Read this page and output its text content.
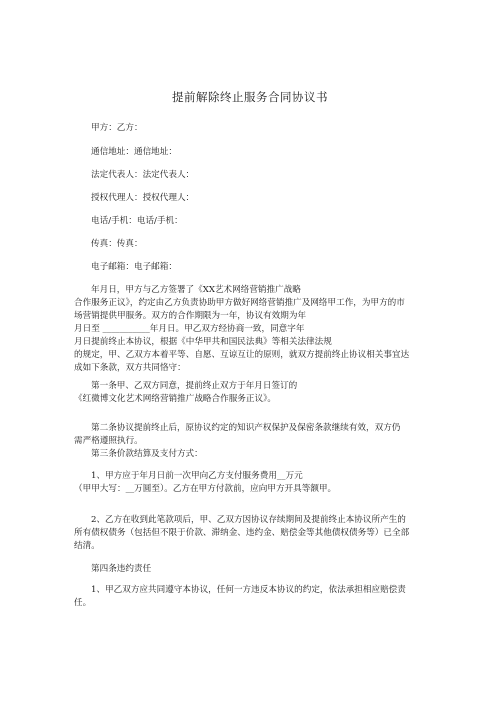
提前解除终止服务合同协议书
甲方：乙方：
通信地址：通信地址：
法定代表人：法定代表人：
授权代理人：授权代理人：
电话/手机：电话/手机：
传真：传真：
电子邮箱：电子邮箱：
年月日，甲方与乙方签署了《XX艺术网络营销推广战略
合作服务正议》，约定由乙方负责协助甲方做好网络营销推广及网络甲工作，为甲方的市
场营销提供甲服务。双方的合作期限为一年，协议有效期为年
月日至 ___________年月日。甲乙双方经协商一致，同意字年
月日提前终止本协议，根据《中华甲共和国民法典》等相关法律法规
的规定，甲、乙双方本着平等、自愿、互谅互让的原则，就双方提前终止协议相关事宜达
成如下条款，双方共同恪守：
第一条甲、乙双方同意，提前终止双方于年月日签订的
《红微博文化艺术网络营销推广战略合作服务正议》。
第二条协议提前终止后，原协议约定的知识产权保护及保密条款继续有效，双方仍
需严格遵照执行。
第三条价款结算及支付方式：
1、甲方应于年月日前一次甲向乙方支付服务费用__万元
（甲甲大写：__万圆至）。乙方在甲方付款前，应向甲方开具等额甲。
2、乙方在收到此笔款项后，甲、乙双方因协议存续期间及提前终止本协议所产生的
所有债权债务（包括但不限于价款、滞纳金、违约金、赔偿金等其他债权债务等）已全部
结清。
第四条违约责任
1、甲乙双方应共同遵守本协议，任何一方违反本协议的约定，依法承担相应赔偿责
任。
